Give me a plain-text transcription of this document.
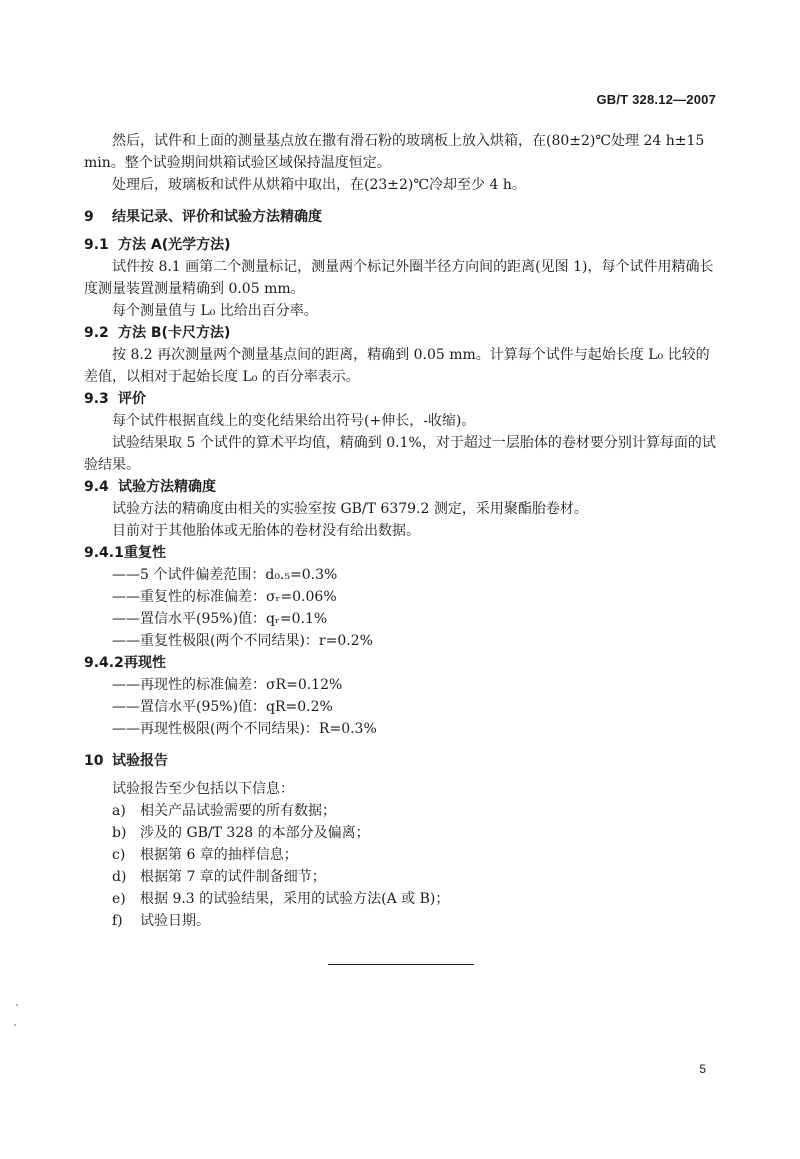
GB/T 328.12—2007

然后，试件和上面的测量基点放在撒有滑石粉的玻璃板上放入烘箱，在(80±2)℃处理 24 h±15 min。整个试验期间烘箱试验区域保持温度恒定。

处理后，玻璃板和试件从烘箱中取出，在(23±2)℃冷却至少 4 h。

9 结果记录、评价和试验方法精确度

9.1 方法 A(光学方法)

试件按 8.1 画第二个测量标记，测量两个标记外圈半径方向间的距离(见图 1)，每个试件用精确长度测量装置测量精确到 0.05 mm。

每个测量值与 L₀ 比给出百分率。

9.2 方法 B(卡尺方法)

按 8.2 再次测量两个测量基点间的距离，精确到 0.05 mm。计算每个试件与起始长度 L₀ 比较的差值，以相对于起始长度 L₀ 的百分率表示。

9.3 评价

每个试件根据直线上的变化结果给出符号(+伸长，-收缩)。

试验结果取 5 个试件的算术平均值，精确到 0.1%，对于超过一层胎体的卷材要分别计算每面的试验结果。

9.4 试验方法精确度

试验方法的精确度由相关的实验室按 GB/T 6379.2 测定，采用聚酯胎卷材。

目前对于其他胎体或无胎体的卷材没有给出数据。

9.4.1重复性

——5 个试件偏差范围：d₀.₅=0.3%

——重复性的标准偏差：σᵣ=0.06%

——置信水平(95%)值：qᵣ=0.1%

——重复性极限(两个不同结果)：r=0.2%

9.4.2再现性

——再现性的标准偏差：σR=0.12%

——置信水平(95%)值：qR=0.2%

——再现性极限(两个不同结果)：R=0.3%

10 试验报告

试验报告至少包括以下信息：

a) 相关产品试验需要的所有数据；

b) 涉及的 GB/T 328 的本部分及偏离；

c) 根据第 6 章的抽样信息；

d) 根据第 7 章的试件制备细节；

e) 根据 9.3 的试验结果，采用的试验方法(A 或 B)；

f) 试验日期。

5
